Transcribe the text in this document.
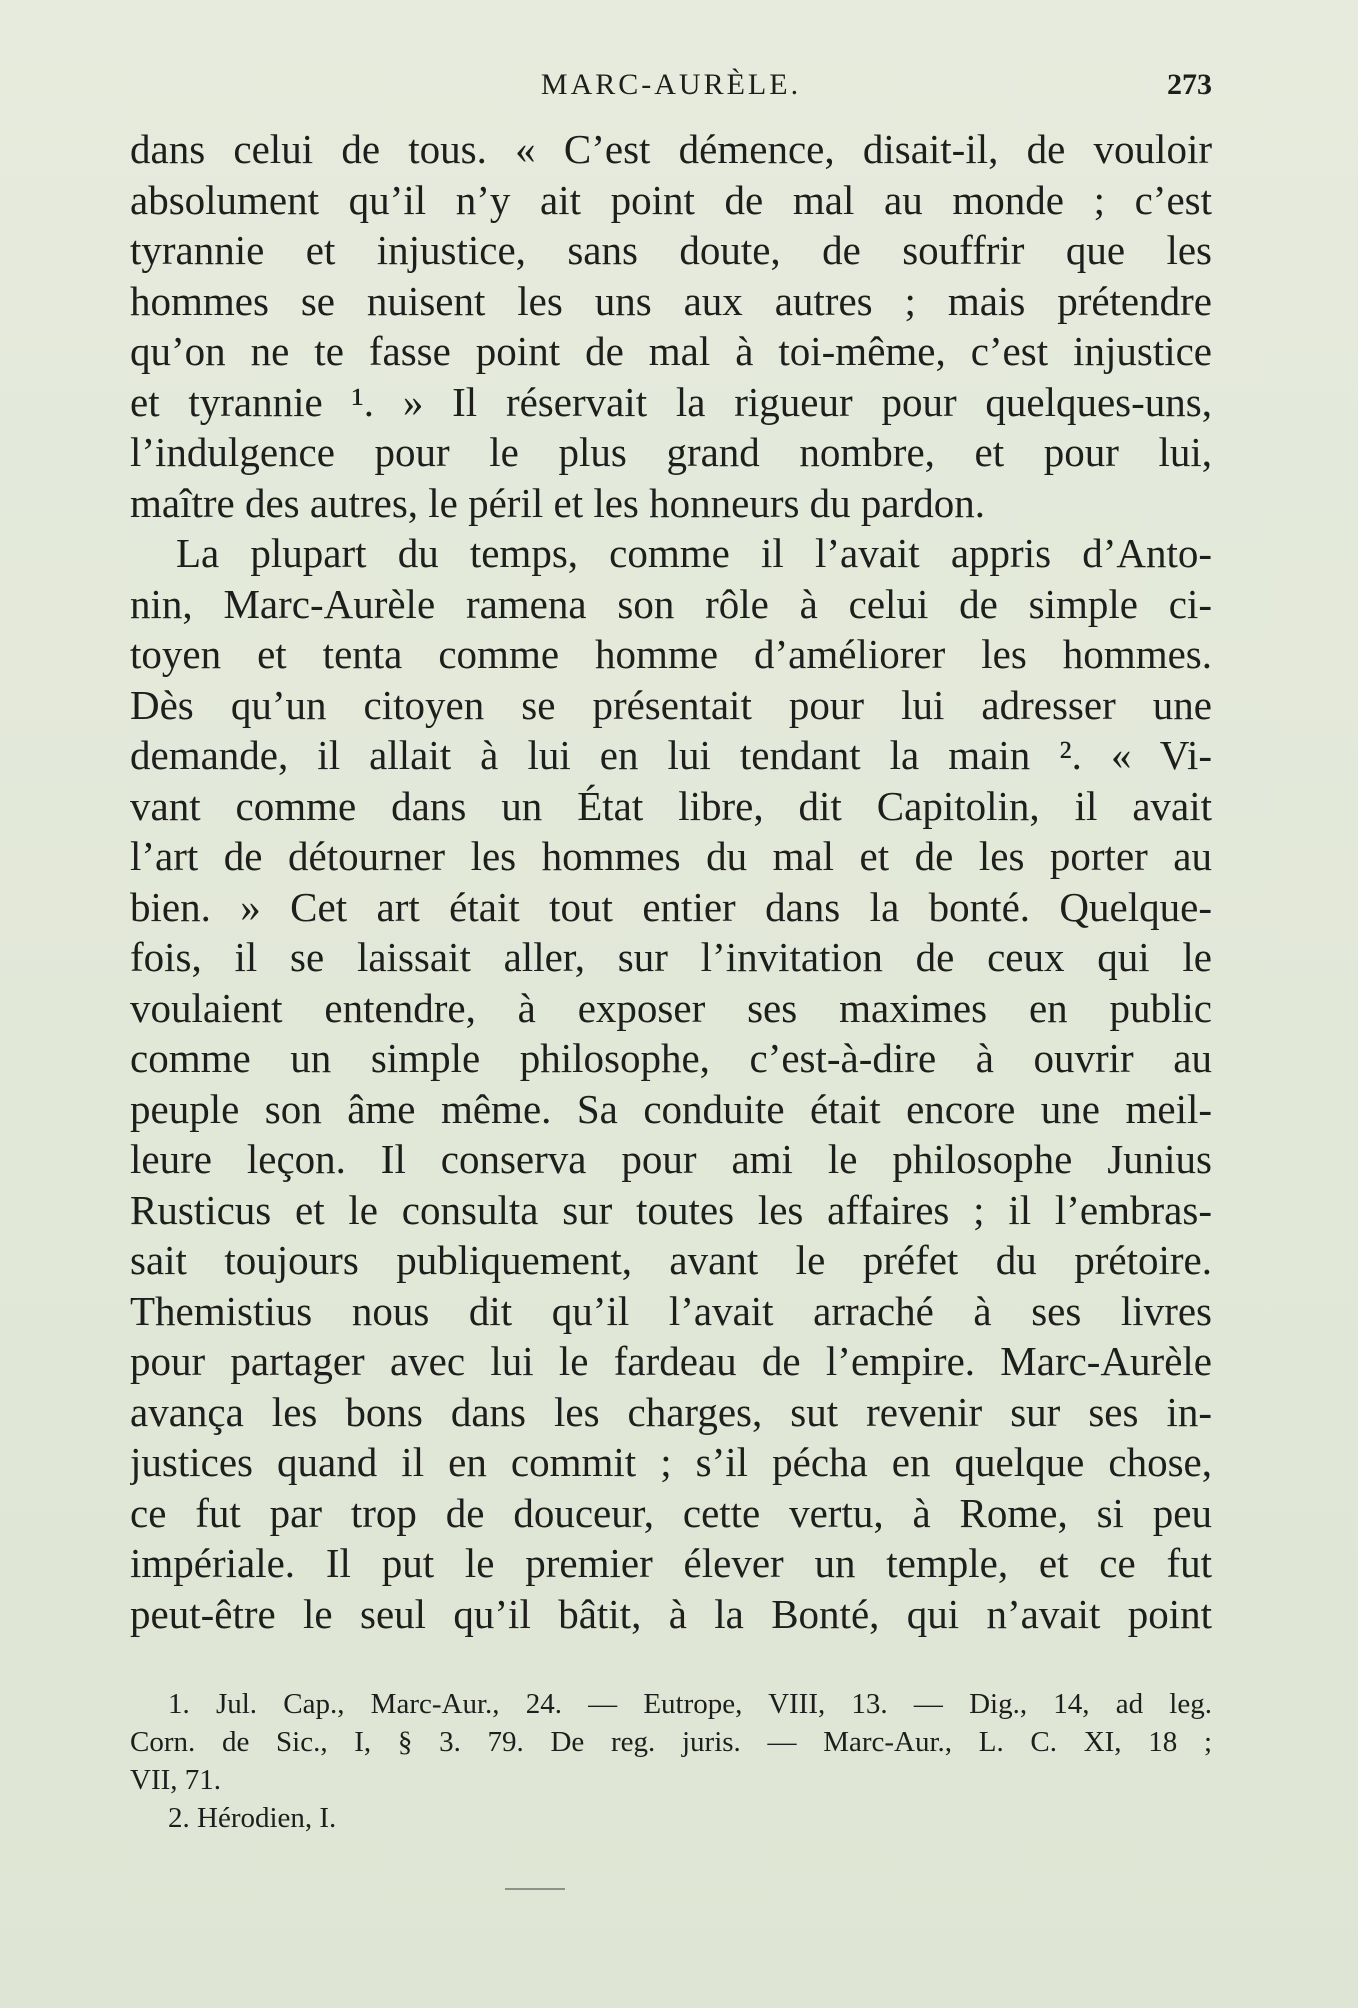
MARC-AURÈLE.	273
dans celui de tous. « C’est démence, disait-il, de vouloir
absolument qu’il n’y ait point de mal au monde ; c’est
tyrannie et injustice, sans doute, de souffrir que les
hommes se nuisent les uns aux autres ; mais prétendre
qu’on ne te fasse point de mal à toi-même, c’est injustice
et tyrannie ¹. » Il réservait la rigueur pour quelques-uns,
l’indulgence pour le plus grand nombre, et pour lui,
maître des autres, le péril et les honneurs du pardon.
La plupart du temps, comme il l’avait appris d’Anto-
nin, Marc-Aurèle ramena son rôle à celui de simple ci-
toyen et tenta comme homme d’améliorer les hommes.
Dès qu’un citoyen se présentait pour lui adresser une
demande, il allait à lui en lui tendant la main ². « Vi-
vant comme dans un État libre, dit Capitolin, il avait
l’art de détourner les hommes du mal et de les porter au
bien. » Cet art était tout entier dans la bonté. Quelque-
fois, il se laissait aller, sur l’invitation de ceux qui le
voulaient entendre, à exposer ses maximes en public
comme un simple philosophe, c’est-à-dire à ouvrir au
peuple son âme même. Sa conduite était encore une meil-
leure leçon. Il conserva pour ami le philosophe Junius
Rusticus et le consulta sur toutes les affaires ; il l’embras-
sait toujours publiquement, avant le préfet du prétoire.
Themistius nous dit qu’il l’avait arraché à ses livres
pour partager avec lui le fardeau de l’empire. Marc-Aurèle
avança les bons dans les charges, sut revenir sur ses in-
justices quand il en commit ; s’il pécha en quelque chose,
ce fut par trop de douceur, cette vertu, à Rome, si peu
impériale. Il put le premier élever un temple, et ce fut
peut-être le seul qu’il bâtit, à la Bonté, qui n’avait point
1. Jul. Cap., Marc-Aur., 24. — Eutrope, VIII, 13. — Dig., 14, ad leg.
Corn. de Sic., I, § 3. 79. De reg. juris. — Marc-Aur., L. C. XI, 18 ;
VII, 71.
2. Hérodien, I.
